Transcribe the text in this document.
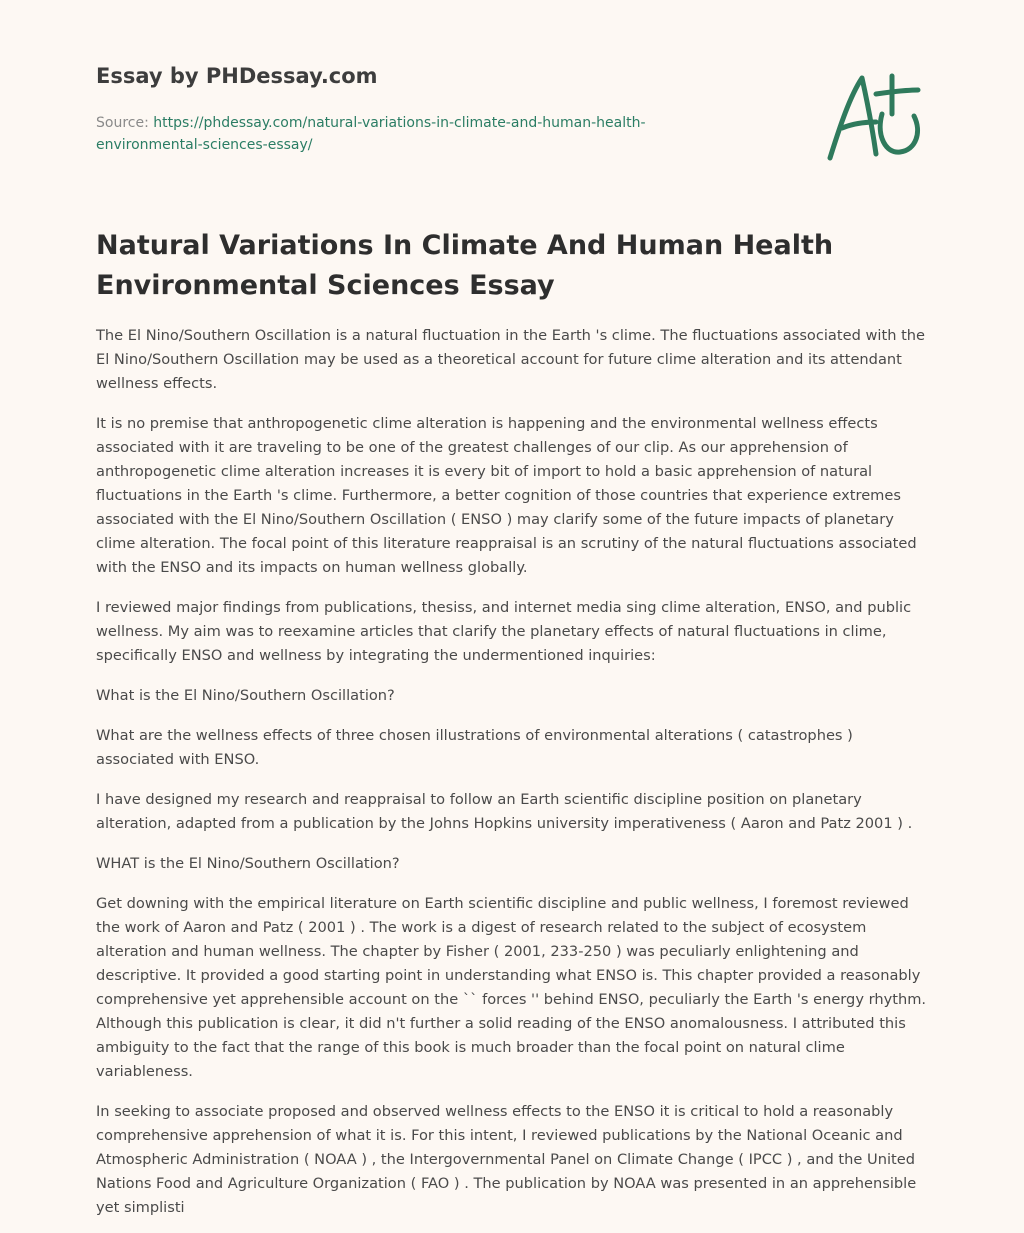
Essay by PHDessay.com
Source: https://phdessay.com/natural-variations-in-climate-and-human-health-environmental-sciences-essay/
Natural Variations In Climate And Human Health Environmental Sciences Essay

The El Nino/Southern Oscillation is a natural fluctuation in the Earth 's clime. The fluctuations associated with the El Nino/Southern Oscillation may be used as a theoretical account for future clime alteration and its attendant wellness effects.

It is no premise that anthropogenetic clime alteration is happening and the environmental wellness effects associated with it are traveling to be one of the greatest challenges of our clip. As our apprehension of anthropogenetic clime alteration increases it is every bit of import to hold a basic apprehension of natural fluctuations in the Earth 's clime. Furthermore, a better cognition of those countries that experience extremes associated with the El Nino/Southern Oscillation ( ENSO ) may clarify some of the future impacts of planetary clime alteration. The focal point of this literature reappraisal is an scrutiny of the natural fluctuations associated with the ENSO and its impacts on human wellness globally.

I reviewed major findings from publications, thesiss, and internet media sing clime alteration, ENSO, and public wellness. My aim was to reexamine articles that clarify the planetary effects of natural fluctuations in clime, specifically ENSO and wellness by integrating the undermentioned inquiries:

What is the El Nino/Southern Oscillation?

What are the wellness effects of three chosen illustrations of environmental alterations ( catastrophes ) associated with ENSO.

I have designed my research and reappraisal to follow an Earth scientific discipline position on planetary alteration, adapted from a publication by the Johns Hopkins university imperativeness ( Aaron and Patz 2001 ) .

WHAT is the El Nino/Southern Oscillation?

Get downing with the empirical literature on Earth scientific discipline and public wellness, I foremost reviewed the work of Aaron and Patz ( 2001 ) . The work is a digest of research related to the subject of ecosystem alteration and human wellness. The chapter by Fisher ( 2001, 233-250 ) was peculiarly enlightening and descriptive. It provided a good starting point in understanding what ENSO is. This chapter provided a reasonably comprehensive yet apprehensible account on the `` forces '' behind ENSO, peculiarly the Earth 's energy rhythm. Although this publication is clear, it did n't further a solid reading of the ENSO anomalousness. I attributed this ambiguity to the fact that the range of this book is much broader than the focal point on natural clime variableness.

In seeking to associate proposed and observed wellness effects to the ENSO it is critical to hold a reasonably comprehensive apprehension of what it is. For this intent, I reviewed publications by the National Oceanic and Atmospheric Administration ( NOAA ) , the Intergovernmental Panel on Climate Change ( IPCC ) , and the United Nations Food and Agriculture Organization ( FAO ) . The publication by NOAA was presented in an apprehensible yet simplisti
